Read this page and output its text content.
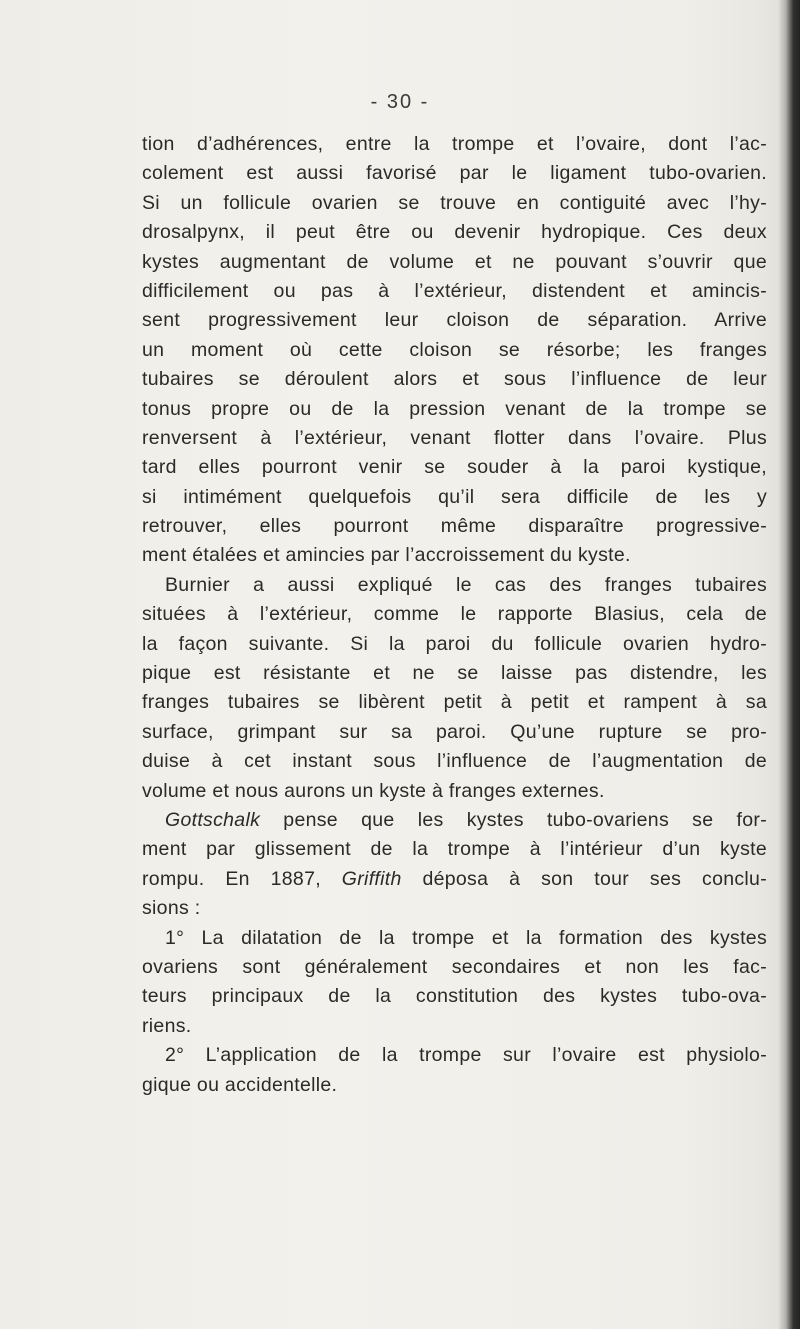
- 30 -
tion d’adhérences, entre la trompe et l’ovaire, dont l’ac-
colement est aussi favorisé par le ligament tubo-ovarien.
Si un follicule ovarien se trouve en contiguité avec l’hy-
drosalpynx, il peut être ou devenir hydropique. Ces deux
kystes augmentant de volume et ne pouvant s’ouvrir que
difficilement ou pas à l’extérieur, distendent et amincis-
sent progressivement leur cloison de séparation. Arrive
un moment où cette cloison se résorbe; les franges
tubaires se déroulent alors et sous l’influence de leur
tonus propre ou de la pression venant de la trompe se
renversent à l’extérieur, venant flotter dans l’ovaire. Plus
tard elles pourront venir se souder à la paroi kystique,
si intimément quelquefois qu’il sera difficile de les y
retrouver, elles pourront même disparaître progressive-
ment étalées et amincies par l’accroissement du kyste.
Burnier a aussi expliqué le cas des franges tubaires
situées à l’extérieur, comme le rapporte Blasius, cela de
la façon suivante. Si la paroi du follicule ovarien hydro-
pique est résistante et ne se laisse pas distendre, les
franges tubaires se libèrent petit à petit et rampent à sa
surface, grimpant sur sa paroi. Qu’une rupture se pro-
duise à cet instant sous l’influence de l’augmentation de
volume et nous aurons un kyste à franges externes.
Gottschalk pense que les kystes tubo-ovariens se for-
ment par glissement de la trompe à l’intérieur d’un kyste
rompu. En 1887, Griffith déposa à son tour ses conclu-
sions :
1° La dilatation de la trompe et la formation des kystes
ovariens sont généralement secondaires et non les fac-
teurs principaux de la constitution des kystes tubo-ova-
riens.
2° L’application de la trompe sur l’ovaire est physiolo-
gique ou accidentelle.
